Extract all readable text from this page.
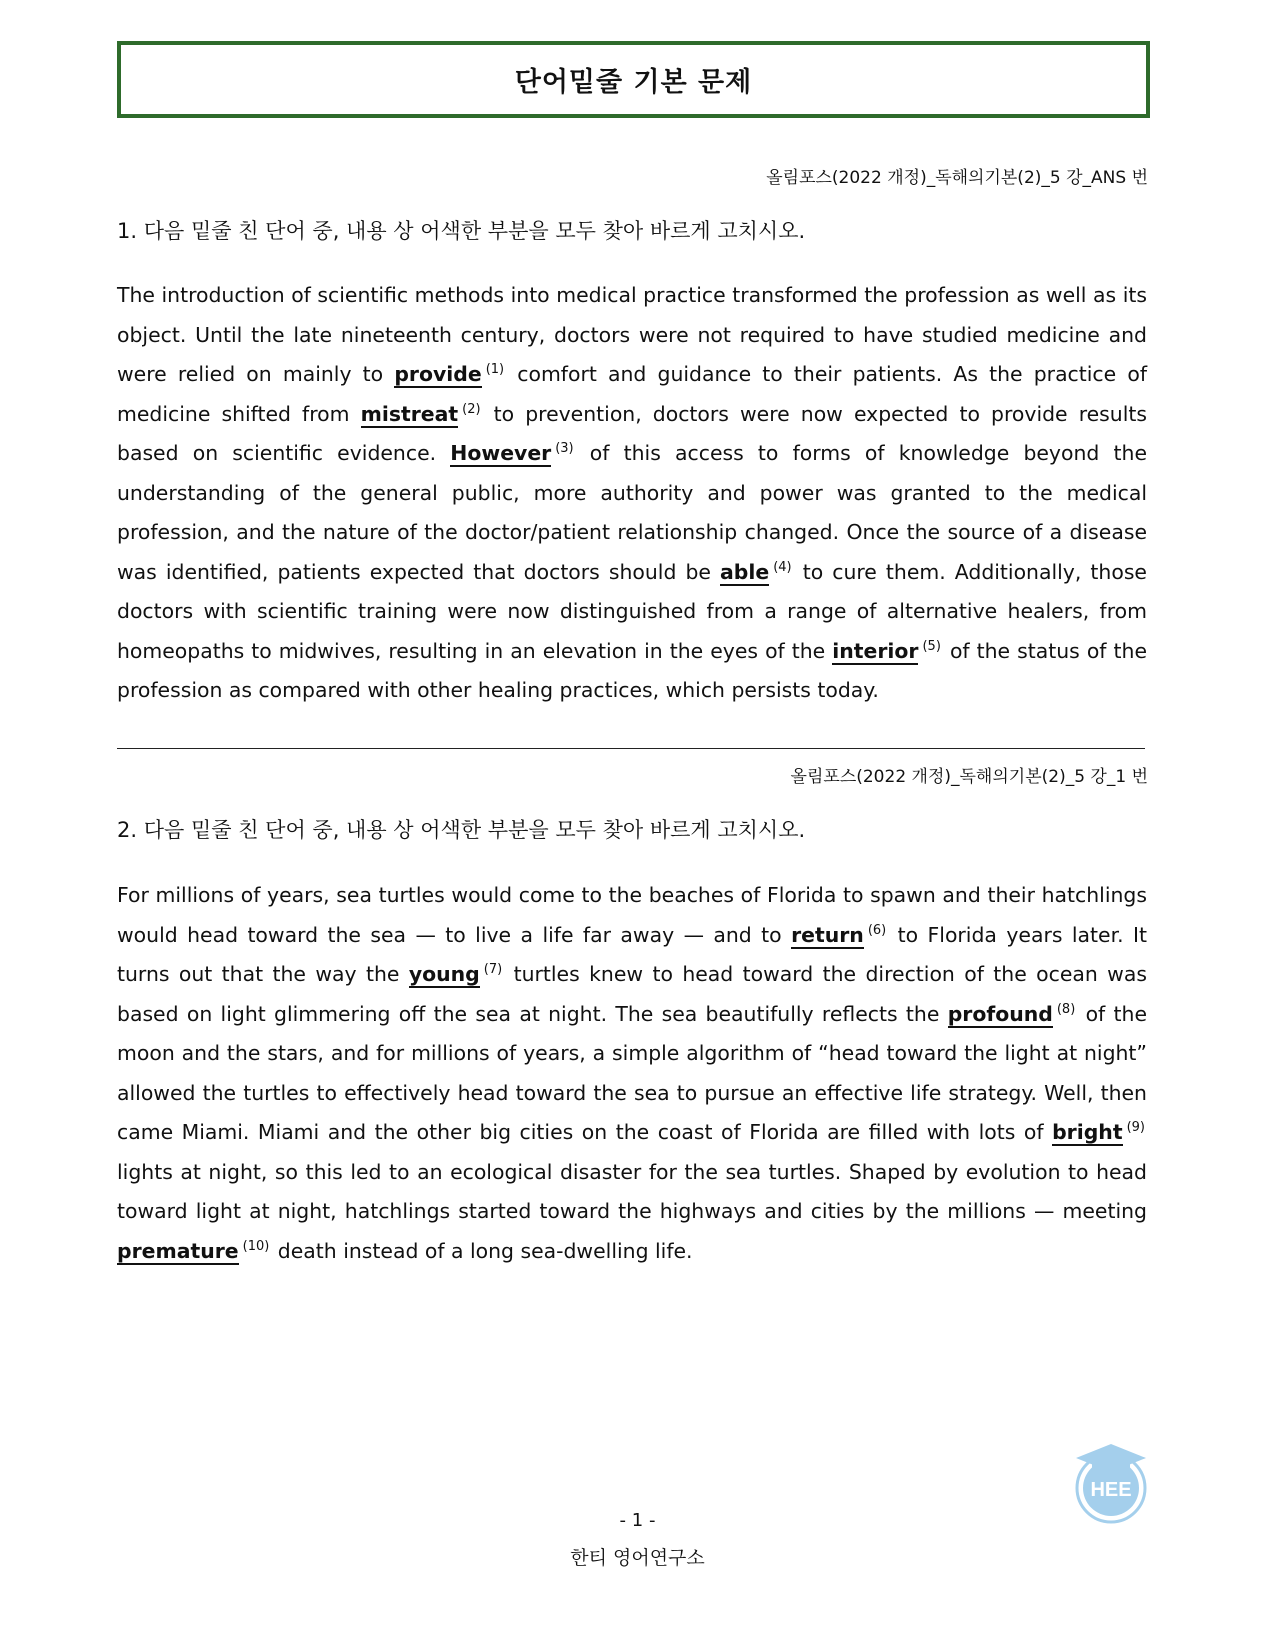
단어밑줄 기본 문제
올림포스(2022 개정)_독해의기본(2)_5 강_ANS 번
1. 다음 밑줄 친 단어 중, 내용 상 어색한 부분을 모두 찾아 바르게 고치시오.
The introduction of scientific methods into medical practice transformed the profession as well as its object. Until the late nineteenth century, doctors were not required to have studied medicine and were relied on mainly to provide $^{(1)}$ comfort and guidance to their patients. As the practice of medicine shifted from mistreat $^{(2)}$ to prevention, doctors were now expected to provide results based on scientific evidence. However $^{(3)}$ of this access to forms of knowledge beyond the understanding of the general public, more authority and power was granted to the medical profession, and the nature of the doctor/patient relationship changed. Once the source of a disease was identified, patients expected that doctors should be able $^{(4)}$ to cure them. Additionally, those doctors with scientific training were now distinguished from a range of alternative healers, from homeopaths to midwives, resulting in an elevation in the eyes of the interior $^{(5)}$ of the status of the profession as compared with other healing practices, which persists today.
올림포스(2022 개정)_독해의기본(2)_5 강_1 번
2. 다음 밑줄 친 단어 중, 내용 상 어색한 부분을 모두 찾아 바르게 고치시오.
For millions of years, sea turtles would come to the beaches of Florida to spawn and their hatchlings would head toward the sea — to live a life far away — and to return $^{(6)}$ to Florida years later. It turns out that the way the young $^{(7)}$ turtles knew to head toward the direction of the ocean was based on light glimmering off the sea at night. The sea beautifully reflects the profound $^{(8)}$ of the moon and the stars, and for millions of years, a simple algorithm of “head toward the light at night” allowed the turtles to effectively head toward the sea to pursue an effective life strategy. Well, then came Miami. Miami and the other big cities on the coast of Florida are filled with lots of bright $^{(9)}$ lights at night, so this led to an ecological disaster for the sea turtles. Shaped by evolution to head toward light at night, hatchlings started toward the highways and cities by the millions — meeting premature $^{(10)}$ death instead of a long sea-dwelling life.
HEE
- 1 -
한티 영어연구소
